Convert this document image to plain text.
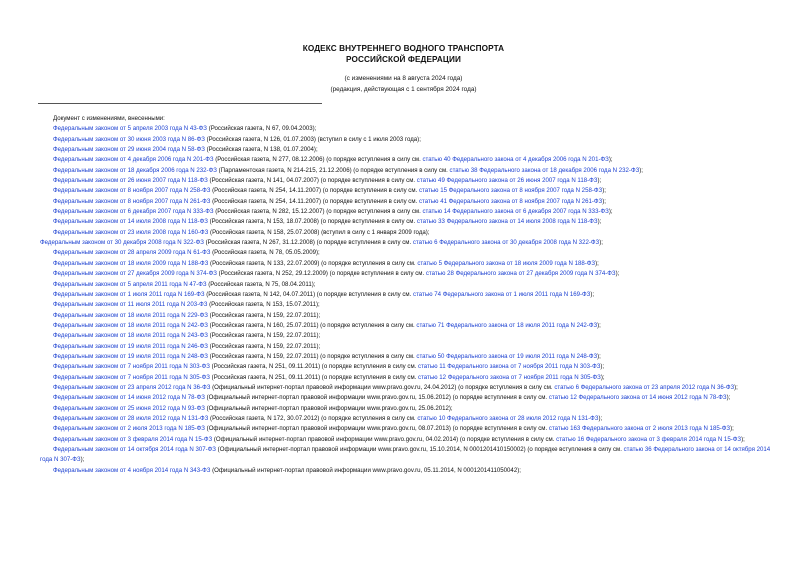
КОДЕКС ВНУТРЕННЕГО ВОДНОГО ТРАНСПОРТА
РОССИЙСКОЙ ФЕДЕРАЦИИ
(с изменениями на 8 августа 2024 года)
(редакция, действующая с 1 сентября 2024 года)
Документ с изменениями, внесенными:
Федеральным законом от 5 апреля 2003 года N 43-ФЗ (Российская газета, N 67, 09.04.2003);
Федеральным законом от 30 июня 2003 года N 86-ФЗ (Российская газета, N 126, 01.07.2003) (вступил в силу с 1 июля 2003 года);
Федеральным законом от 29 июня 2004 года N 58-ФЗ (Российская газета, N 138, 01.07.2004);
Федеральным законом от 4 декабря 2006 года N 201-ФЗ (Российская газета, N 277, 08.12.2006) (о порядке вступления в силу см. статью 40 Федерального закона от 4 декабря 2006 года N 201-ФЗ);
Федеральным законом от 18 декабря 2006 года N 232-ФЗ (Парламентская газета, N 214-215, 21.12.2006) (о порядке вступления в силу см. статью 38 Федерального закона от 18 декабря 2006 года N 232-ФЗ);
Федеральным законом от 26 июня 2007 года N 118-ФЗ (Российская газета, N 141, 04.07.2007) (о порядке вступления в силу см. статью 49 Федерального закона от 26 июня 2007 года N 118-ФЗ);
Федеральным законом от 8 ноября 2007 года N 258-ФЗ (Российская газета, N 254, 14.11.2007) (о порядке вступления в силу см. статью 15 Федерального закона от 8 ноября 2007 года N 258-ФЗ);
Федеральным законом от 8 ноября 2007 года N 261-ФЗ (Российская газета, N 254, 14.11.2007) (о порядке вступления в силу см. статью 41 Федерального закона от 8 ноября 2007 года N 261-ФЗ);
Федеральным законом от 6 декабря 2007 года N 333-ФЗ (Российская газета, N 282, 15.12.2007) (о порядке вступления в силу см. статью 14 Федерального закона от 6 декабря 2007 года N 333-ФЗ);
Федеральным законом от 14 июля 2008 года N 118-ФЗ (Российская газета, N 153, 18.07.2008) (о порядке вступления в силу см. статью 33 Федерального закона от 14 июля 2008 года N 118-ФЗ);
Федеральным законом от 23 июля 2008 года N 160-ФЗ (Российская газета, N 158, 25.07.2008) (вступил в силу с 1 января 2009 года);
Федеральным законом от 30 декабря 2008 года N 322-ФЗ (Российская газета, N 267, 31.12.2008) (о порядке вступления в силу см. статью 6 Федерального закона от 30 декабря 2008 года N 322-ФЗ);
Федеральным законом от 28 апреля 2009 года N 61-ФЗ (Российская газета, N 78, 05.05.2009);
Федеральным законом от 18 июля 2009 года N 188-ФЗ (Российская газета, N 133, 22.07.2009) (о порядке вступления в силу см. статью 5 Федерального закона от 18 июля 2009 года N 188-ФЗ);
Федеральным законом от 27 декабря 2009 года N 374-ФЗ (Российская газета, N 252, 29.12.2009) (о порядке вступления в силу см. статью 28 Федерального закона от 27 декабря 2009 года N 374-ФЗ);
Федеральным законом от 5 апреля 2011 года N 47-ФЗ (Российская газета, N 75, 08.04.2011);
Федеральным законом от 1 июля 2011 года N 169-ФЗ (Российская газета, N 142, 04.07.2011) (о порядке вступления в силу см. статью 74 Федерального закона от 1 июля 2011 года N 169-ФЗ);
Федеральным законом от 11 июля 2011 года N 203-ФЗ (Российская газета, N 153, 15.07.2011);
Федеральным законом от 18 июля 2011 года N 229-ФЗ (Российская газета, N 159, 22.07.2011);
Федеральным законом от 18 июля 2011 года N 242-ФЗ (Российская газета, N 160, 25.07.2011) (о порядке вступления в силу см. статью 71 Федерального закона от 18 июля 2011 года N 242-ФЗ);
Федеральным законом от 18 июля 2011 года N 243-ФЗ (Российская газета, N 159, 22.07.2011);
Федеральным законом от 19 июля 2011 года N 246-ФЗ (Российская газета, N 159, 22.07.2011);
Федеральным законом от 19 июля 2011 года N 248-ФЗ (Российская газета, N 159, 22.07.2011) (о порядке вступления в силу см. статью 50 Федерального закона от 19 июля 2011 года N 248-ФЗ);
Федеральным законом от 7 ноября 2011 года N 303-ФЗ (Российская газета, N 251, 09.11.2011) (о порядке вступления в силу см. статью 11 Федерального закона от 7 ноября 2011 года N 303-ФЗ);
Федеральным законом от 7 ноября 2011 года N 305-ФЗ (Российская газета, N 251, 09.11.2011) (о порядке вступления в силу см. статью 12 Федерального закона от 7 ноября 2011 года N 305-ФЗ);
Федеральным законом от 23 апреля 2012 года N 36-ФЗ (Официальный интернет-портал правовой информации www.pravo.gov.ru, 24.04.2012) (о порядке вступления в силу см. статью 6 Федерального закона от 23 апреля 2012 года N 36-ФЗ);
Федеральным законом от 14 июня 2012 года N 78-ФЗ (Официальный интернет-портал правовой информации www.pravo.gov.ru, 15.06.2012) (о порядке вступления в силу см. статью 12 Федерального закона от 14 июня 2012 года N 78-ФЗ);
Федеральным законом от 25 июня 2012 года N 93-ФЗ (Официальный интернет-портал правовой информации www.pravo.gov.ru, 25.06.2012);
Федеральным законом от 28 июля 2012 года N 131-ФЗ (Российская газета, N 172, 30.07.2012) (о порядке вступления в силу см. статью 10 Федерального закона от 28 июля 2012 года N 131-ФЗ);
Федеральным законом от 2 июля 2013 года N 185-ФЗ (Официальный интернет-портал правовой информации www.pravo.gov.ru, 08.07.2013) (о порядке вступления в силу см. статью 163 Федерального закона от 2 июля 2013 года N 185-ФЗ);
Федеральным законом от 3 февраля 2014 года N 15-ФЗ (Официальный интернет-портал правовой информации www.pravo.gov.ru, 04.02.2014) (о порядке вступления в силу см. статью 16 Федерального закона от 3 февраля 2014 года N 15-ФЗ);
Федеральным законом от 14 октября 2014 года N 307-ФЗ (Официальный интернет-портал правовой информации www.pravo.gov.ru, 15.10.2014, N 0001201410150002) (о порядке вступления в силу см. статью 36 Федерального закона от 14 октября 2014 года N 307-ФЗ);
Федеральным законом от 4 ноября 2014 года N 343-ФЗ (Официальный интернет-портал правовой информации www.pravo.gov.ru, 05.11.2014, N 0001201411050042);
